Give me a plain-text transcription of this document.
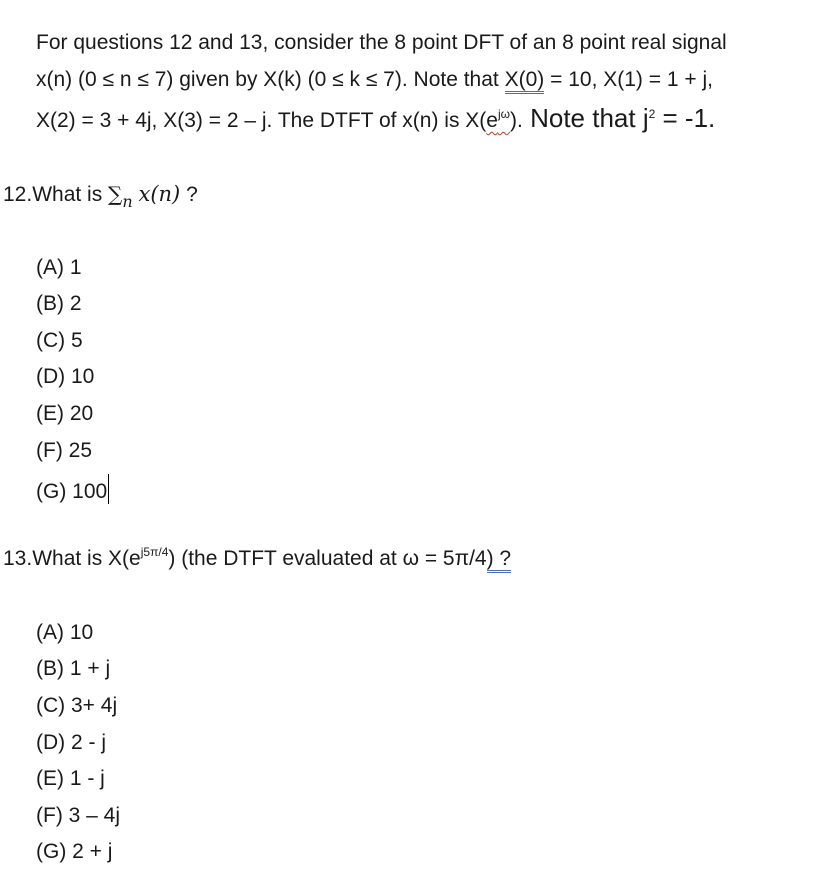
For questions 12 and 13, consider the 8 point DFT of an 8 point real signal
x(n) (0 ≤ n ≤ 7) given by X(k) (0 ≤ k ≤ 7). Note that X(0) = 10, X(1) = 1 + j,
X(2) = 3 + 4j, X(3) = 2 – j. The DTFT of x(n) is $X(e^{j\omega})$. Note that $j^2 = -1$.
12.What is $\sum_n$ x(n) ?
(A) 1
(B) 2
(C) 5
(D) 10
(E) 20
(F) 25
(G) 100
13.What is $X(e^{j5\pi/4})$ (the DTFT evaluated at ω = 5π/4) ?
(A) 10
(B) 1 + j
(C) 3+ 4j
(D) 2 - j
(E) 1 - j
(F) 3 – 4j
(G) 2 + j
